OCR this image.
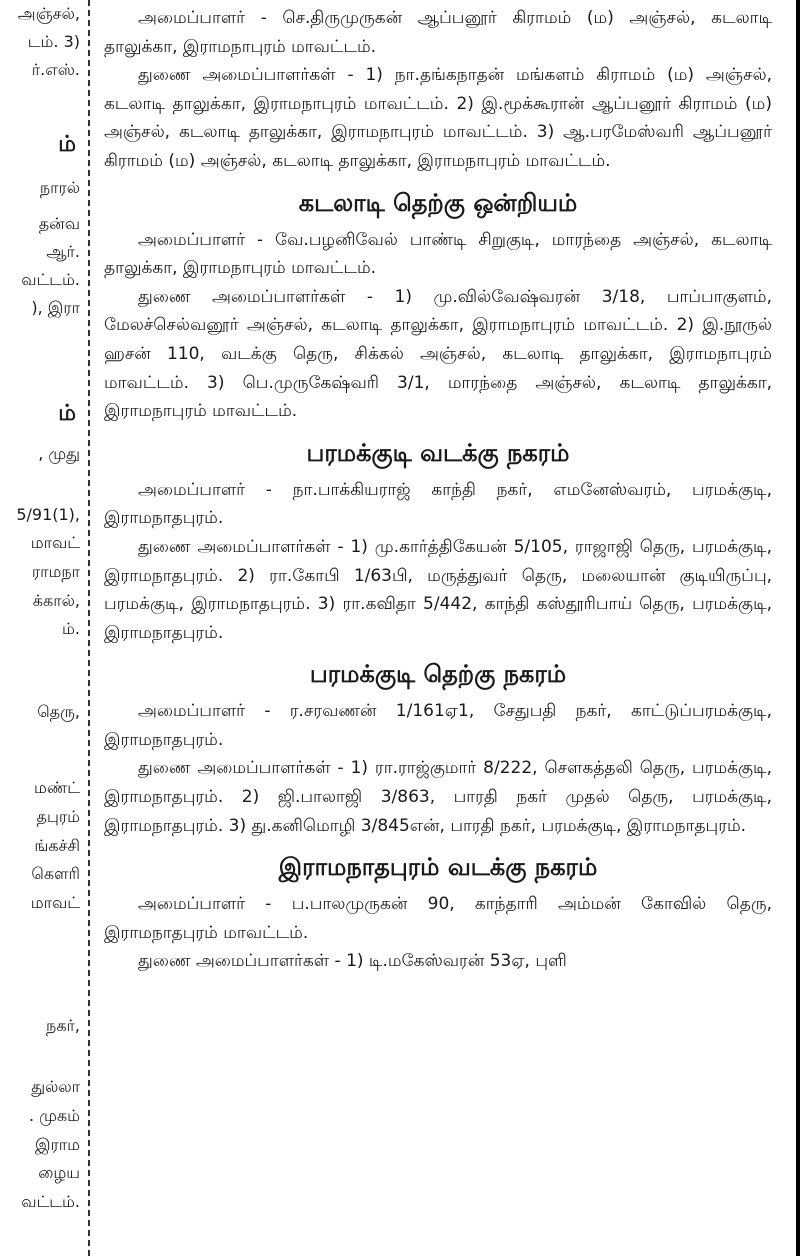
அஞ்சல்,
டம். 3)
ர்.எஸ்.
ம்
நாரல்
தன்வ
ஆர்.
வட்டம்.
), இரா
ம்
, முது
5/91(1),
மாவட்
ராமநா
க்கால்,
ம்.
தெரு,
மண்ட்
தபுரம்
ங்கச்சி
கௌரி
மாவட்
நகர்,
துல்லா
. முகம்
இராம
ழைய
வட்டம்.

அமைப்பாளர் - செ.திருமுருகன் ஆப்பனூர் கிராமம் (ம) அஞ்சல், கடலாடி தாலுக்கா, இராமநாபுரம் மாவட்டம்.

துணை அமைப்பாளர்கள் - 1) நா.தங்கநாதன் மங்களம் கிராமம் (ம) அஞ்சல், கடலாடி தாலுக்கா, இராமநாபுரம் மாவட்டம். 2) இ.மூக்கூரான் ஆப்பனூர் கிராமம் (ம) அஞ்சல், கடலாடி தாலுக்கா, இராமநாபுரம் மாவட்டம். 3) ஆ.பரமேஸ்வரி ஆப்பனூர் கிராமம் (ம) அஞ்சல், கடலாடி தாலுக்கா, இராமநாபுரம் மாவட்டம்.

கடலாடி தெற்கு ஒன்றியம்

அமைப்பாளர் - வே.பழனிவேல் பாண்டி சிறுகுடி, மாரந்தை அஞ்சல், கடலாடி தாலுக்கா, இராமநாபுரம் மாவட்டம்.

துணை அமைப்பாளர்கள் - 1) மு.வில்வேஷ்வரன் 3/18, பாப்பாகுளம், மேலச்செல்வனூர் அஞ்சல், கடலாடி தாலுக்கா, இராமநாபுரம் மாவட்டம். 2) இ.நூருல் ஹசன் 110, வடக்கு தெரு, சிக்கல் அஞ்சல், கடலாடி தாலுக்கா, இராமநாபுரம் மாவட்டம். 3) பெ.முருகேஷ்வரி 3/1, மாரந்தை அஞ்சல், கடலாடி தாலுக்கா, இராமநாபுரம் மாவட்டம்.

பரமக்குடி வடக்கு நகரம்

அமைப்பாளர் - நா.பாக்கியராஜ் காந்தி நகர், எமனேஸ்வரம், பரமக்குடி, இராமநாதபுரம்.

துணை அமைப்பாளர்கள் - 1) மு.கார்த்திகேயன் 5/105, ராஜாஜி தெரு, பரமக்குடி, இராமநாதபுரம். 2) ரா.கோபி 1/63பி, மருத்துவர் தெரு, மலையான் குடியிருப்பு, பரமக்குடி, இராமநாதபுரம். 3) ரா.கவிதா 5/442, காந்தி கஸ்தூரிபாய் தெரு, பரமக்குடி, இராமநாதபுரம்.

பரமக்குடி தெற்கு நகரம்

அமைப்பாளர் - ர.சரவணன் 1/161ஏ1, சேதுபதி நகர், காட்டுப்பரமக்குடி, இராமநாதபுரம்.

துணை அமைப்பாளர்கள் - 1) ரா.ராஜ்குமார் 8/222, சௌகத்தலி தெரு, பரமக்குடி, இராமநாதபுரம். 2) ஜி.பாலாஜி 3/863, பாரதி நகர் முதல் தெரு, பரமக்குடி, இராமநாதபுரம். 3) து.கனிமொழி 3/845என், பாரதி நகர், பரமக்குடி, இராமநாதபுரம்.

இராமநாதபுரம் வடக்கு நகரம்

அமைப்பாளர் - ப.பாலமுருகன் 90, காந்தாரி அம்மன் கோவில் தெரு, இராமநாதபுரம் மாவட்டம்.

துணை அமைப்பாளர்கள் - 1) டி.மகேஸ்வரன் 53ஏ, புளி
